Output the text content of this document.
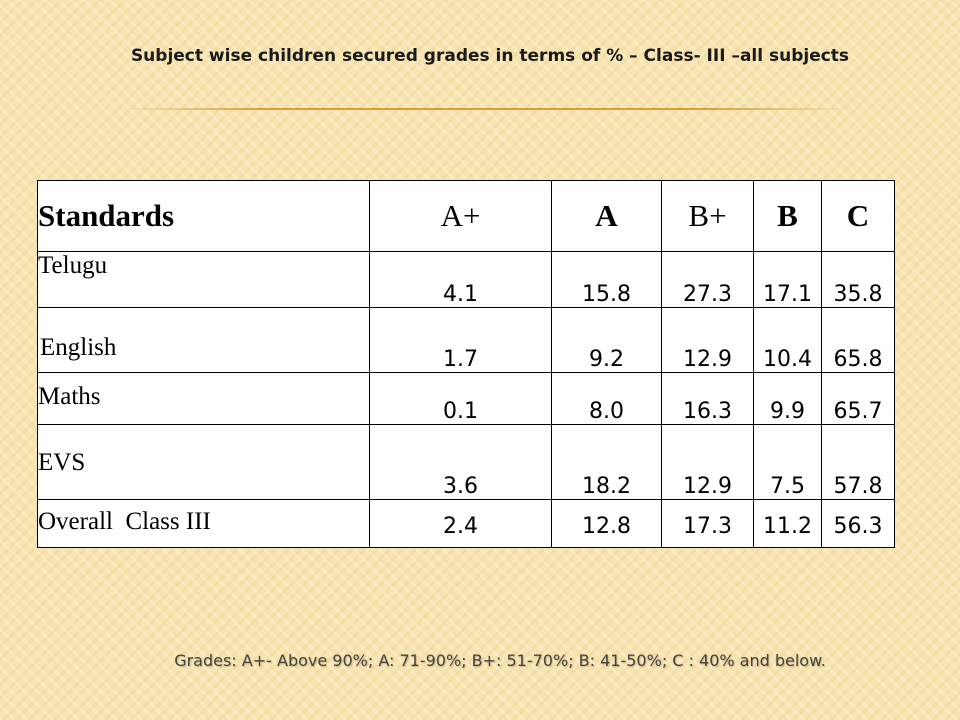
Subject wise children secured grades in terms of % – Class- III –all subjects
Standards	A+	A	B+	B	C
Telugu	4.1	15.8	27.3	17.1	35.8
English	1.7	9.2	12.9	10.4	65.8
Maths	0.1	8.0	16.3	9.9	65.7
EVS	3.6	18.2	12.9	7.5	57.8
Overall  Class III	2.4	12.8	17.3	11.2	56.3
Grades: A+- Above 90%; A: 71-90%; B+: 51-70%; B: 41-50%; C : 40% and below.
